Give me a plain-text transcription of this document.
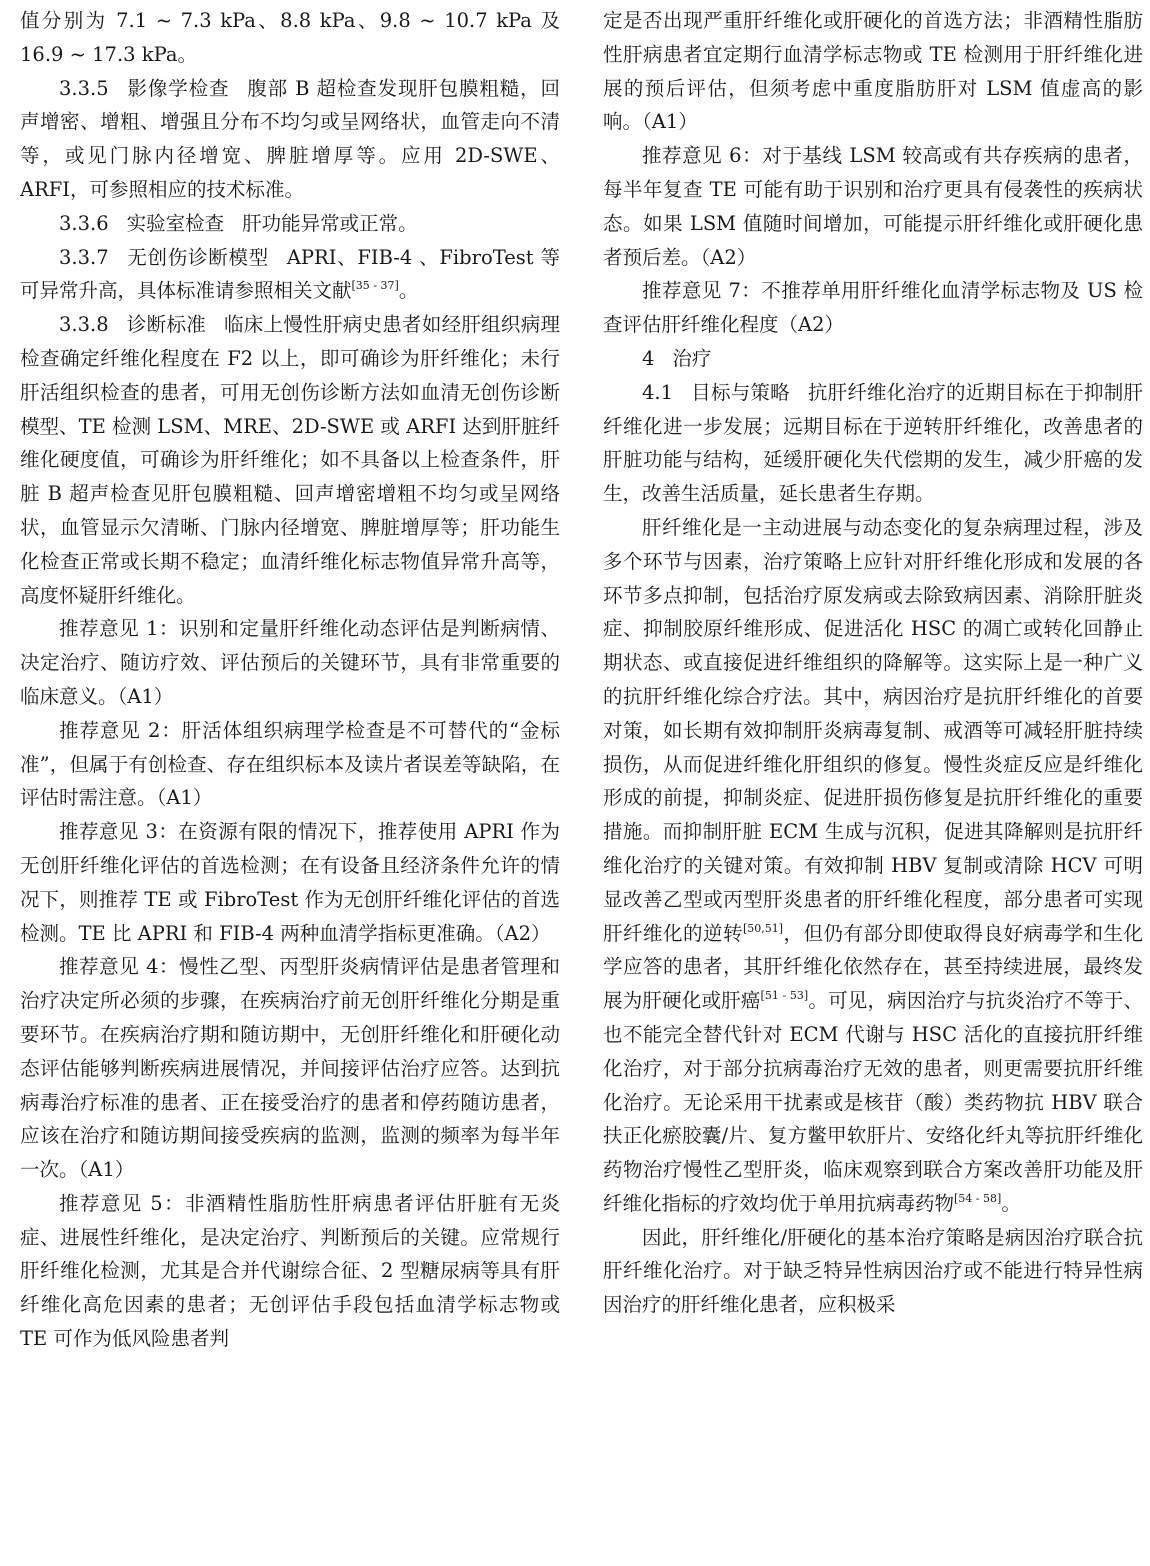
值分别为 7.1 ~ 7.3 kPa、8.8 kPa、9.8 ~ 10.7 kPa 及 16.9 ~ 17.3 kPa。

3.3.5 影像学检查 腹部 B 超检查发现肝包膜粗糙，回声增密、增粗、增强且分布不均匀或呈网络状，血管走向不清等，或见门脉内径增宽、脾脏增厚等。应用 2D-SWE、ARFI，可参照相应的技术标准。

3.3.6 实验室检查 肝功能异常或正常。

3.3.7 无创伤诊断模型 APRI、FIB-4 、FibroTest 等可异常升高，具体标准请参照相关文献[35 - 37]。

3.3.8 诊断标准 临床上慢性肝病史患者如经肝组织病理检查确定纤维化程度在 F2 以上，即可确诊为肝纤维化；未行肝活组织检查的患者，可用无创伤诊断方法如血清无创伤诊断模型、TE 检测 LSM、MRE、2D-SWE 或 ARFI 达到肝脏纤维化硬度值，可确诊为肝纤维化；如不具备以上检查条件，肝脏 B 超声检查见肝包膜粗糙、回声增密增粗不均匀或呈网络状，血管显示欠清晰、门脉内径增宽、脾脏增厚等；肝功能生化检查正常或长期不稳定；血清纤维化标志物值异常升高等，高度怀疑肝纤维化。

推荐意见 1：识别和定量肝纤维化动态评估是判断病情、决定治疗、随访疗效、评估预后的关键环节，具有非常重要的临床意义。（A1）

推荐意见 2：肝活体组织病理学检查是不可替代的“金标准”，但属于有创检查、存在组织标本及读片者误差等缺陷，在评估时需注意。（A1）

推荐意见 3：在资源有限的情况下，推荐使用 APRI 作为无创肝纤维化评估的首选检测；在有设备且经济条件允许的情况下，则推荐 TE 或 FibroTest 作为无创肝纤维化评估的首选检测。TE 比 APRI 和 FIB-4 两种血清学指标更准确。（A2）

推荐意见 4：慢性乙型、丙型肝炎病情评估是患者管理和治疗决定所必须的步骤，在疾病治疗前无创肝纤维化分期是重要环节。在疾病治疗期和随访期中，无创肝纤维化和肝硬化动态评估能够判断疾病进展情况，并间接评估治疗应答。达到抗病毒治疗标准的患者、正在接受治疗的患者和停药随访患者，应该在治疗和随访期间接受疾病的监测，监测的频率为每半年一次。（A1）

推荐意见 5：非酒精性脂肪性肝病患者评估肝脏有无炎症、进展性纤维化，是决定治疗、判断预后的关键。应常规行肝纤维化检测，尤其是合并代谢综合征、2 型糖尿病等具有肝纤维化高危因素的患者；无创评估手段包括血清学标志物或 TE 可作为低风险患者判

定是否出现严重肝纤维化或肝硬化的首选方法；非酒精性脂肪性肝病患者宜定期行血清学标志物或 TE 检测用于肝纤维化进展的预后评估，但须考虑中重度脂肪肝对 LSM 值虚高的影响。（A1）

推荐意见 6：对于基线 LSM 较高或有共存疾病的患者，每半年复查 TE 可能有助于识别和治疗更具有侵袭性的疾病状态。如果 LSM 值随时间增加，可能提示肝纤维化或肝硬化患者预后差。（A2）

推荐意见 7：不推荐单用肝纤维化血清学标志物及 US 检查评估肝纤维化程度（A2）

4 治疗

4.1 目标与策略 抗肝纤维化治疗的近期目标在于抑制肝纤维化进一步发展；远期目标在于逆转肝纤维化，改善患者的肝脏功能与结构，延缓肝硬化失代偿期的发生，减少肝癌的发生，改善生活质量，延长患者生存期。

肝纤维化是一主动进展与动态变化的复杂病理过程，涉及多个环节与因素，治疗策略上应针对肝纤维化形成和发展的各环节多点抑制，包括治疗原发病或去除致病因素、消除肝脏炎症、抑制胶原纤维形成、促进活化 HSC 的凋亡或转化回静止期状态、或直接促进纤维组织的降解等。这实际上是一种广义的抗肝纤维化综合疗法。其中，病因治疗是抗肝纤维化的首要对策，如长期有效抑制肝炎病毒复制、戒酒等可减轻肝脏持续损伤，从而促进纤维化肝组织的修复。慢性炎症反应是纤维化形成的前提，抑制炎症、促进肝损伤修复是抗肝纤维化的重要措施。而抑制肝脏 ECM 生成与沉积，促进其降解则是抗肝纤维化治疗的关键对策。有效抑制 HBV 复制或清除 HCV 可明显改善乙型或丙型肝炎患者的肝纤维化程度，部分患者可实现肝纤维化的逆转[50,51]，但仍有部分即使取得良好病毒学和生化学应答的患者，其肝纤维化依然存在，甚至持续进展，最终发展为肝硬化或肝癌[51 - 53]。可见，病因治疗与抗炎治疗不等于、也不能完全替代针对 ECM 代谢与 HSC 活化的直接抗肝纤维化治疗，对于部分抗病毒治疗无效的患者，则更需要抗肝纤维化治疗。无论采用干扰素或是核苷（酸）类药物抗 HBV 联合扶正化瘀胶囊/片、复方鳖甲软肝片、安络化纤丸等抗肝纤维化药物治疗慢性乙型肝炎，临床观察到联合方案改善肝功能及肝纤维化指标的疗效均优于单用抗病毒药物[54 - 58]。

因此，肝纤维化/肝硬化的基本治疗策略是病因治疗联合抗肝纤维化治疗。对于缺乏特异性病因治疗或不能进行特异性病因治疗的肝纤维化患者，应积极采
